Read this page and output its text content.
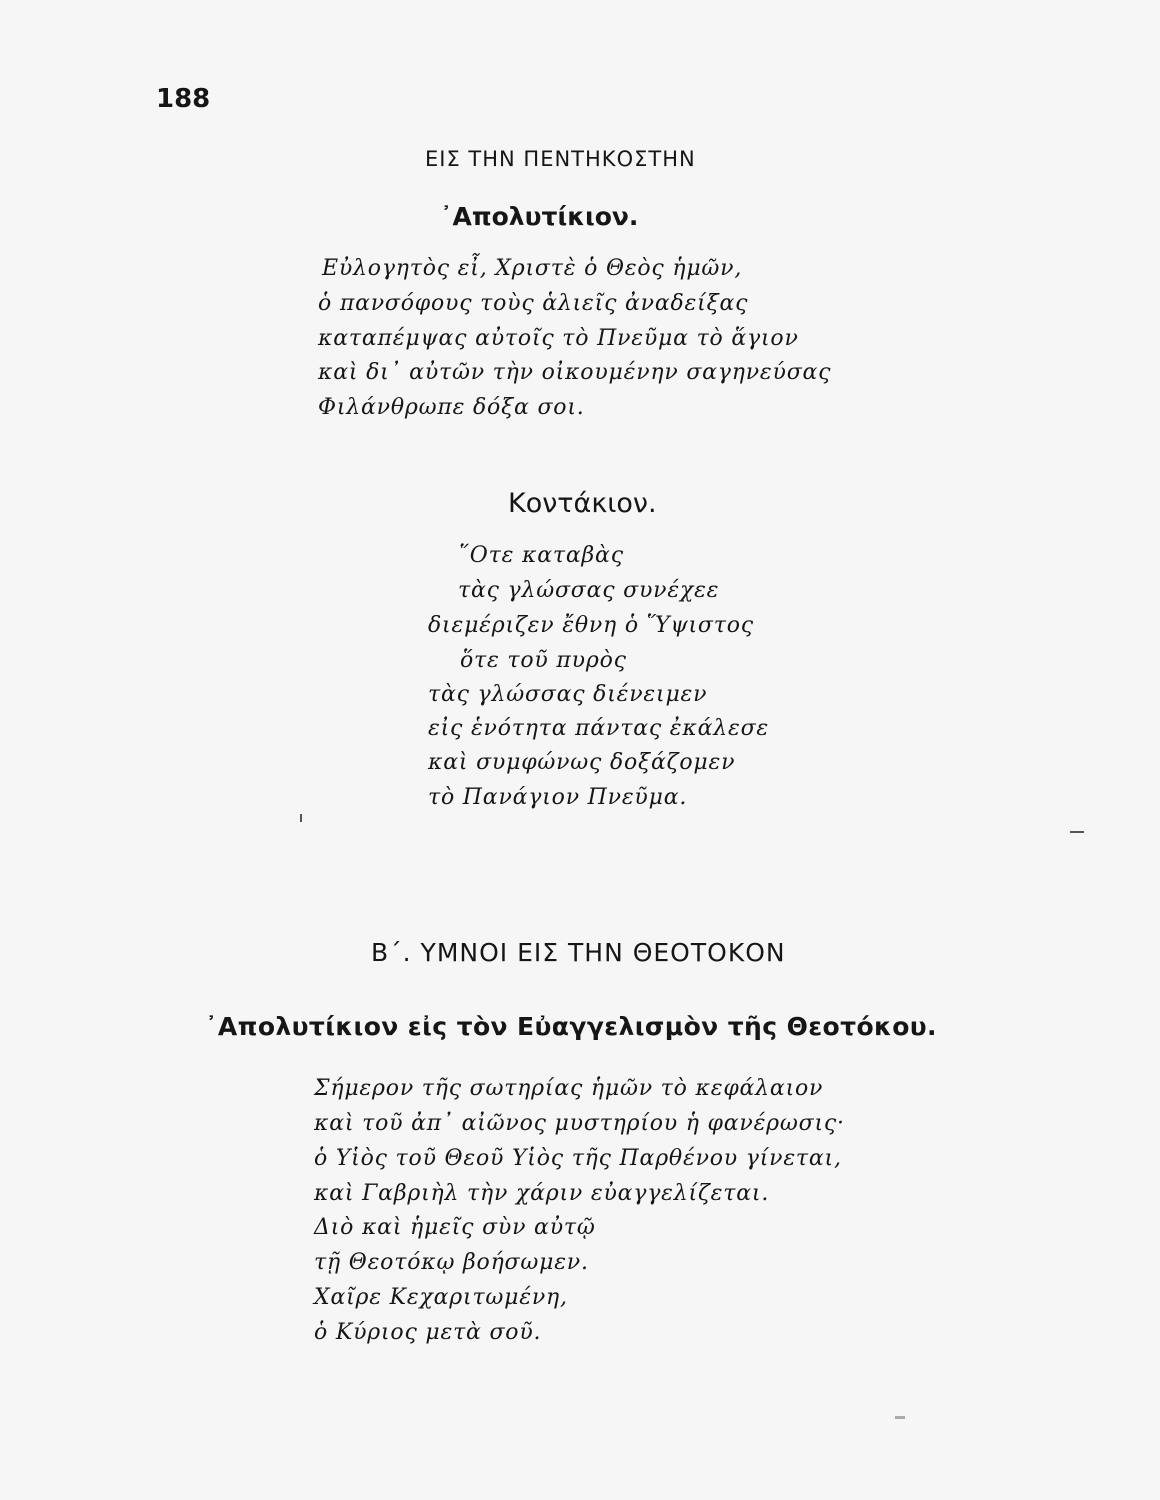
188
ΕΙΣ ΤΗΝ ΠΕΝΤΗΚΟΣΤΗΝ
᾿Απολυτίκιον.

Εὐλογητὸς εἶ, Χριστὲ ὁ Θεὸς ἡμῶν,

ὁ πανσόφους τοὺς ἁλιεῖς ἀναδείξας

καταπέμψας αὐτοῖς τὸ Πνεῦμα τὸ ἅγιον

καὶ δι᾿ αὐτῶν τὴν οἰκουμένην σαγηνεύσας

Φιλάνθρωπε δόξα σοι.

Κοντάκιον.

῞Οτε καταβὰς

τὰς γλώσσας συνέχεε

διεμέριζεν ἔθνη ὁ Ὕψιστος

ὅτε τοῦ πυρὸς

τὰς γλώσσας διένειμεν

εἰς ἑνότητα πάντας ἐκάλεσε

καὶ συμφώνως δοξάζομεν

τὸ Πανάγιον Πνεῦμα.

Β΄. ΥΜΝΟΙ ΕΙΣ ΤΗΝ ΘΕΟΤΟΚΟΝ
᾿Απολυτίκιον εἰς τὸν Εὐαγγελισμὸν τῆς Θεοτόκου.

Σήμερον τῆς σωτηρίας ἡμῶν τὸ κεφάλαιον

καὶ τοῦ ἀπ᾿ αἰῶνος μυστηρίου ἡ φανέρωσις·

ὁ Υἱὸς τοῦ Θεοῦ Υἱὸς τῆς Παρθένου γίνεται,

καὶ Γαβριὴλ τὴν χάριν εὐαγγελίζεται.

Διὸ καὶ ἡμεῖς σὺν αὐτῷ

τῇ Θεοτόκῳ βοήσωμεν.

Χαῖρε Κεχαριτωμένη,

ὁ Κύριος μετὰ σοῦ.
